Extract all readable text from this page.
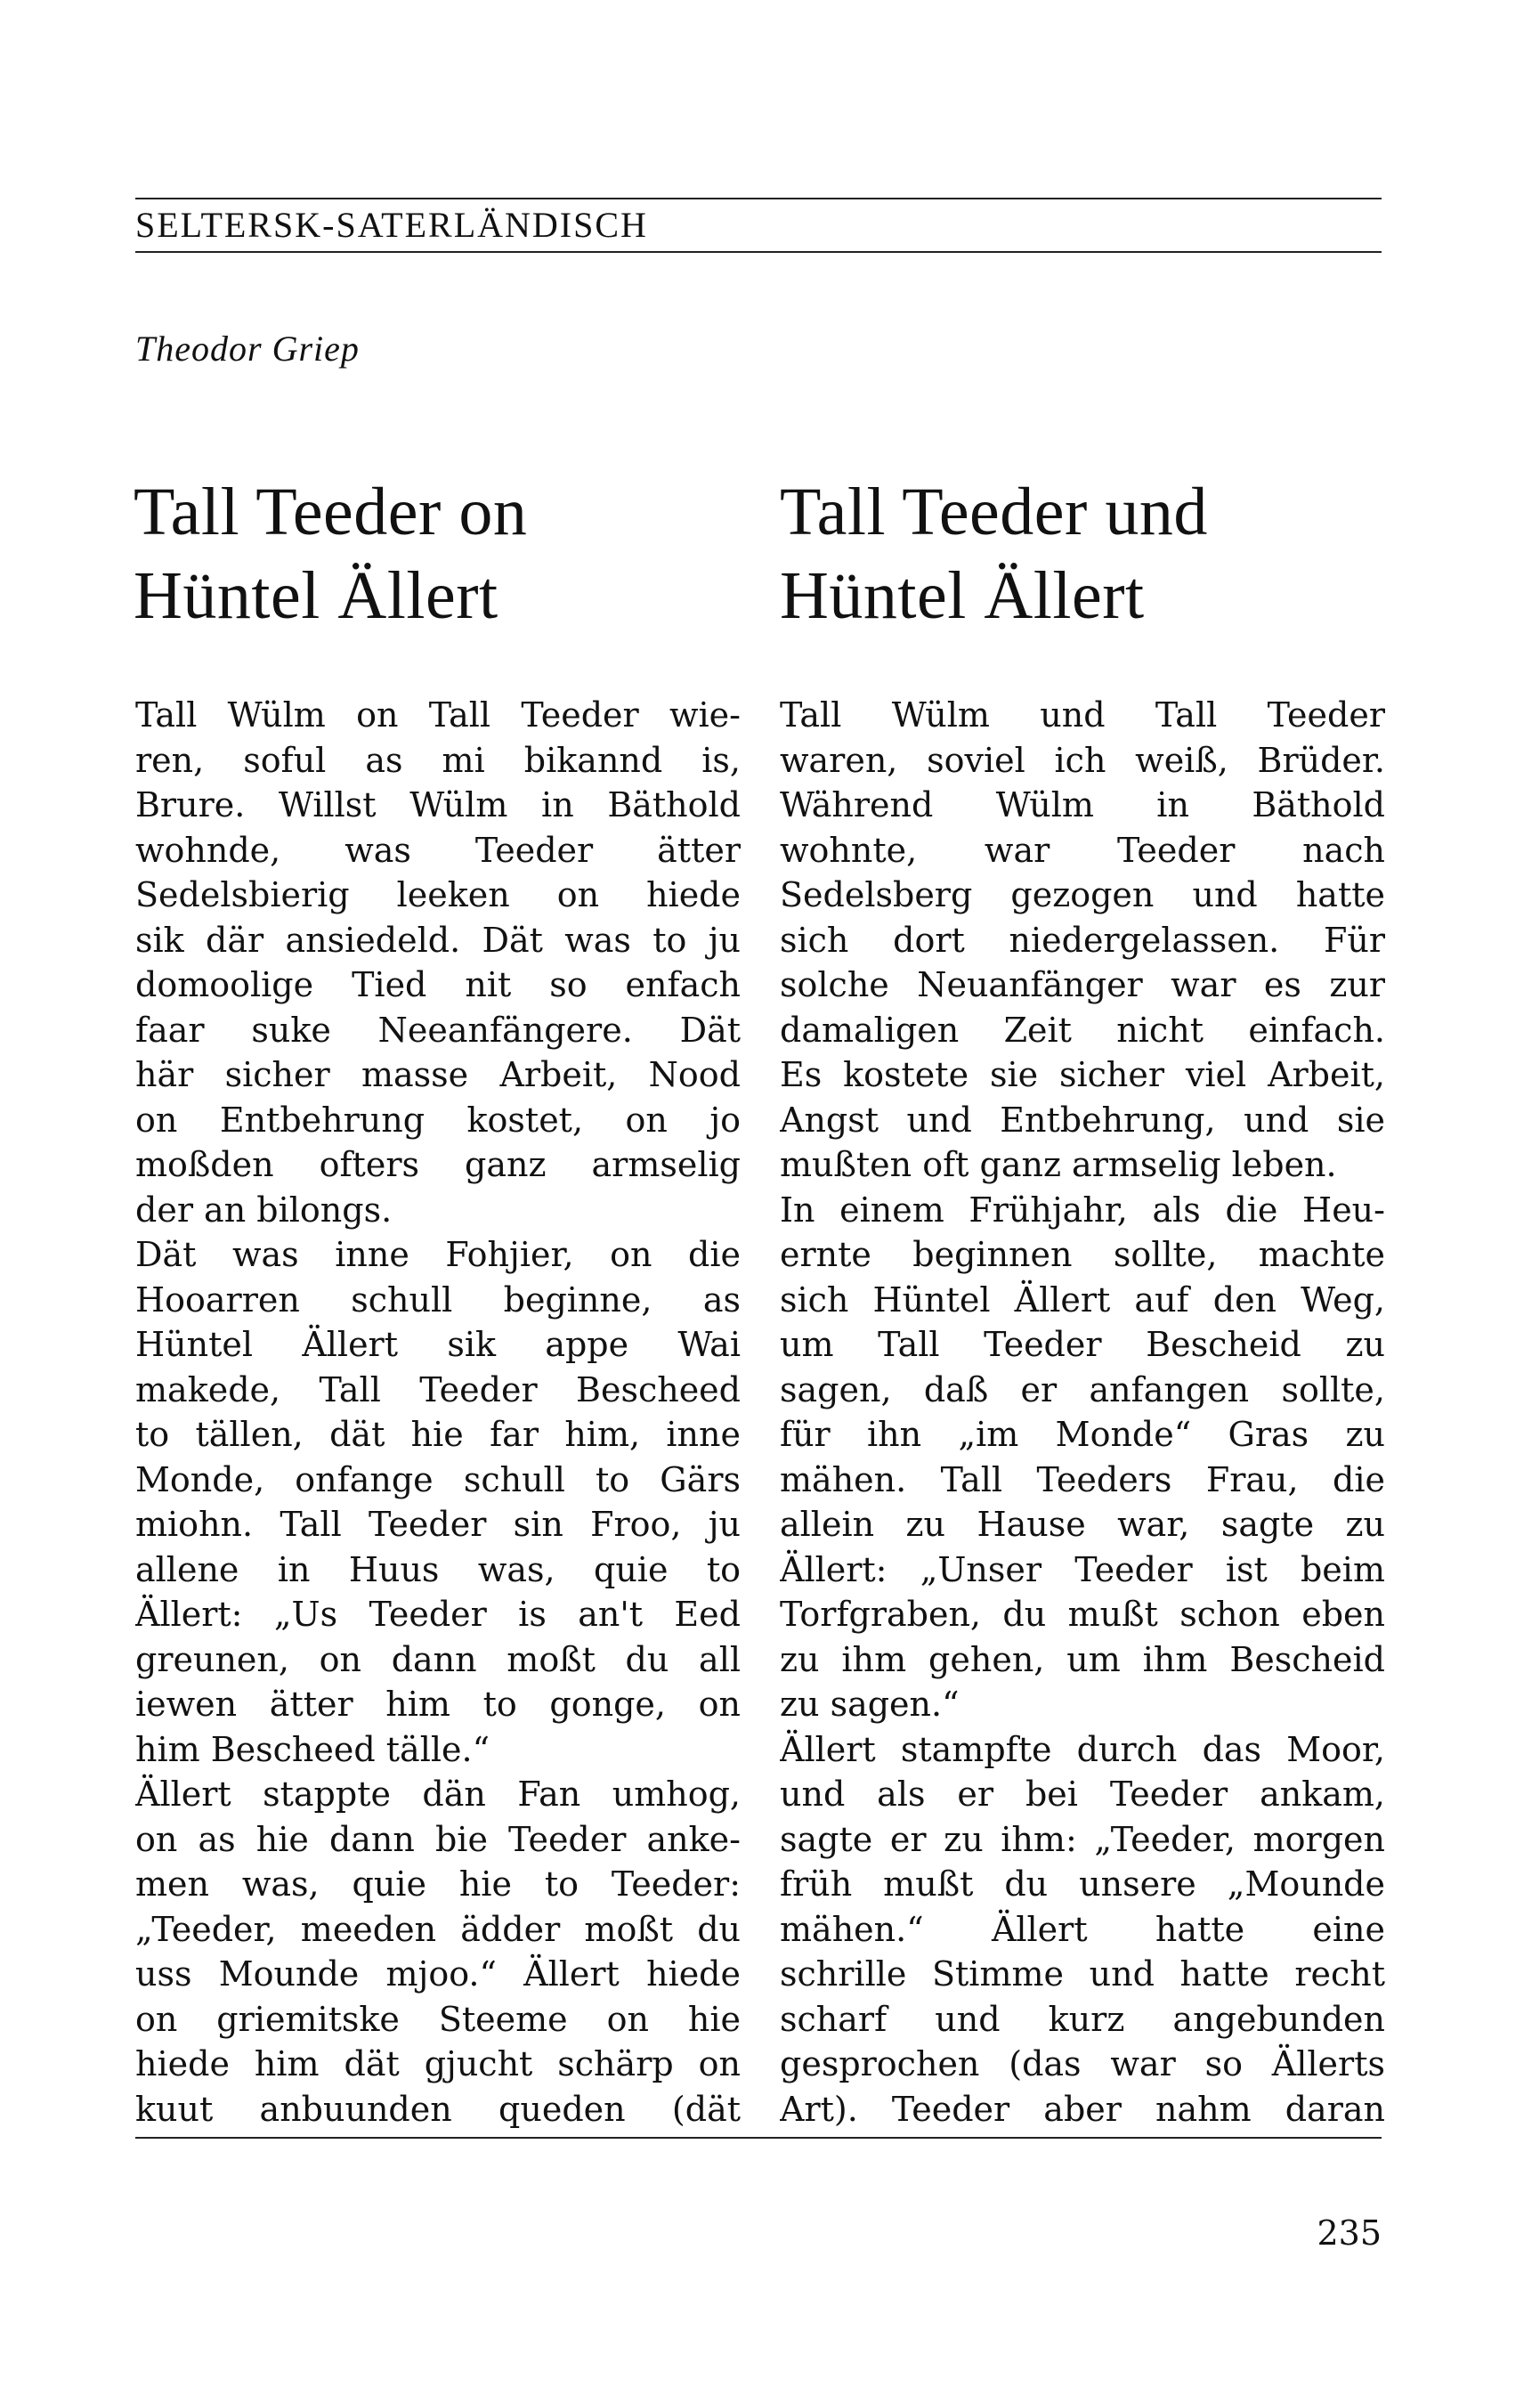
SELTERSK-SATERLÄNDISCH
Theodor Griep
Tall Teeder on
Hüntel Ällert
Tall Teeder und
Hüntel Ällert
Tall Wülm on Tall Teeder wie-
ren, soful as mi bikannd is,
Brure. Willst Wülm in Bäthold
wohnde, was Teeder ätter
Sedelsbierig leeken on hiede
sik där ansiedeld. Dät was to ju
domoolige Tied nit so enfach
faar suke Neeanfängere. Dät
här sicher masse Arbeit, Nood
on Entbehrung kostet, on jo
moßden ofters ganz armselig
der an bilongs.
Dät was inne Fohjier, on die
Hooarren schull beginne, as
Hüntel Ällert sik appe Wai
makede, Tall Teeder Bescheed
to tällen, dät hie far him, inne
Monde, onfange schull to Gärs
miohn. Tall Teeder sin Froo, ju
allene in Huus was, quie to
Ällert: „Us Teeder is an't Eed
greunen, on dann moßt du all
iewen ätter him to gonge, on
him Bescheed tälle.“
Ällert stappte dän Fan umhog,
on as hie dann bie Teeder anke-
men was, quie hie to Teeder:
„Teeder, meeden ädder moßt du
uss Mounde mjoo.“ Ällert hiede
on griemitske Steeme on hie
hiede him dät gjucht schärp on
kuut anbuunden queden (dät
Tall Wülm und Tall Teeder
waren, soviel ich weiß, Brüder.
Während Wülm in Bäthold
wohnte, war Teeder nach
Sedelsberg gezogen und hatte
sich dort niedergelassen. Für
solche Neuanfänger war es zur
damaligen Zeit nicht einfach.
Es kostete sie sicher viel Arbeit,
Angst und Entbehrung, und sie
mußten oft ganz armselig leben.
In einem Frühjahr, als die Heu-
ernte beginnen sollte, machte
sich Hüntel Ällert auf den Weg,
um Tall Teeder Bescheid zu
sagen, daß er anfangen sollte,
für ihn „im Monde“ Gras zu
mähen. Tall Teeders Frau, die
allein zu Hause war, sagte zu
Ällert: „Unser Teeder ist beim
Torfgraben, du mußt schon eben
zu ihm gehen, um ihm Bescheid
zu sagen.“
Ällert stampfte durch das Moor,
und als er bei Teeder ankam,
sagte er zu ihm: „Teeder, morgen
früh mußt du unsere „Mounde
mähen.“ Ällert hatte eine
schrille Stimme und hatte recht
scharf und kurz angebunden
gesprochen (das war so Ällerts
Art). Teeder aber nahm daran
235
